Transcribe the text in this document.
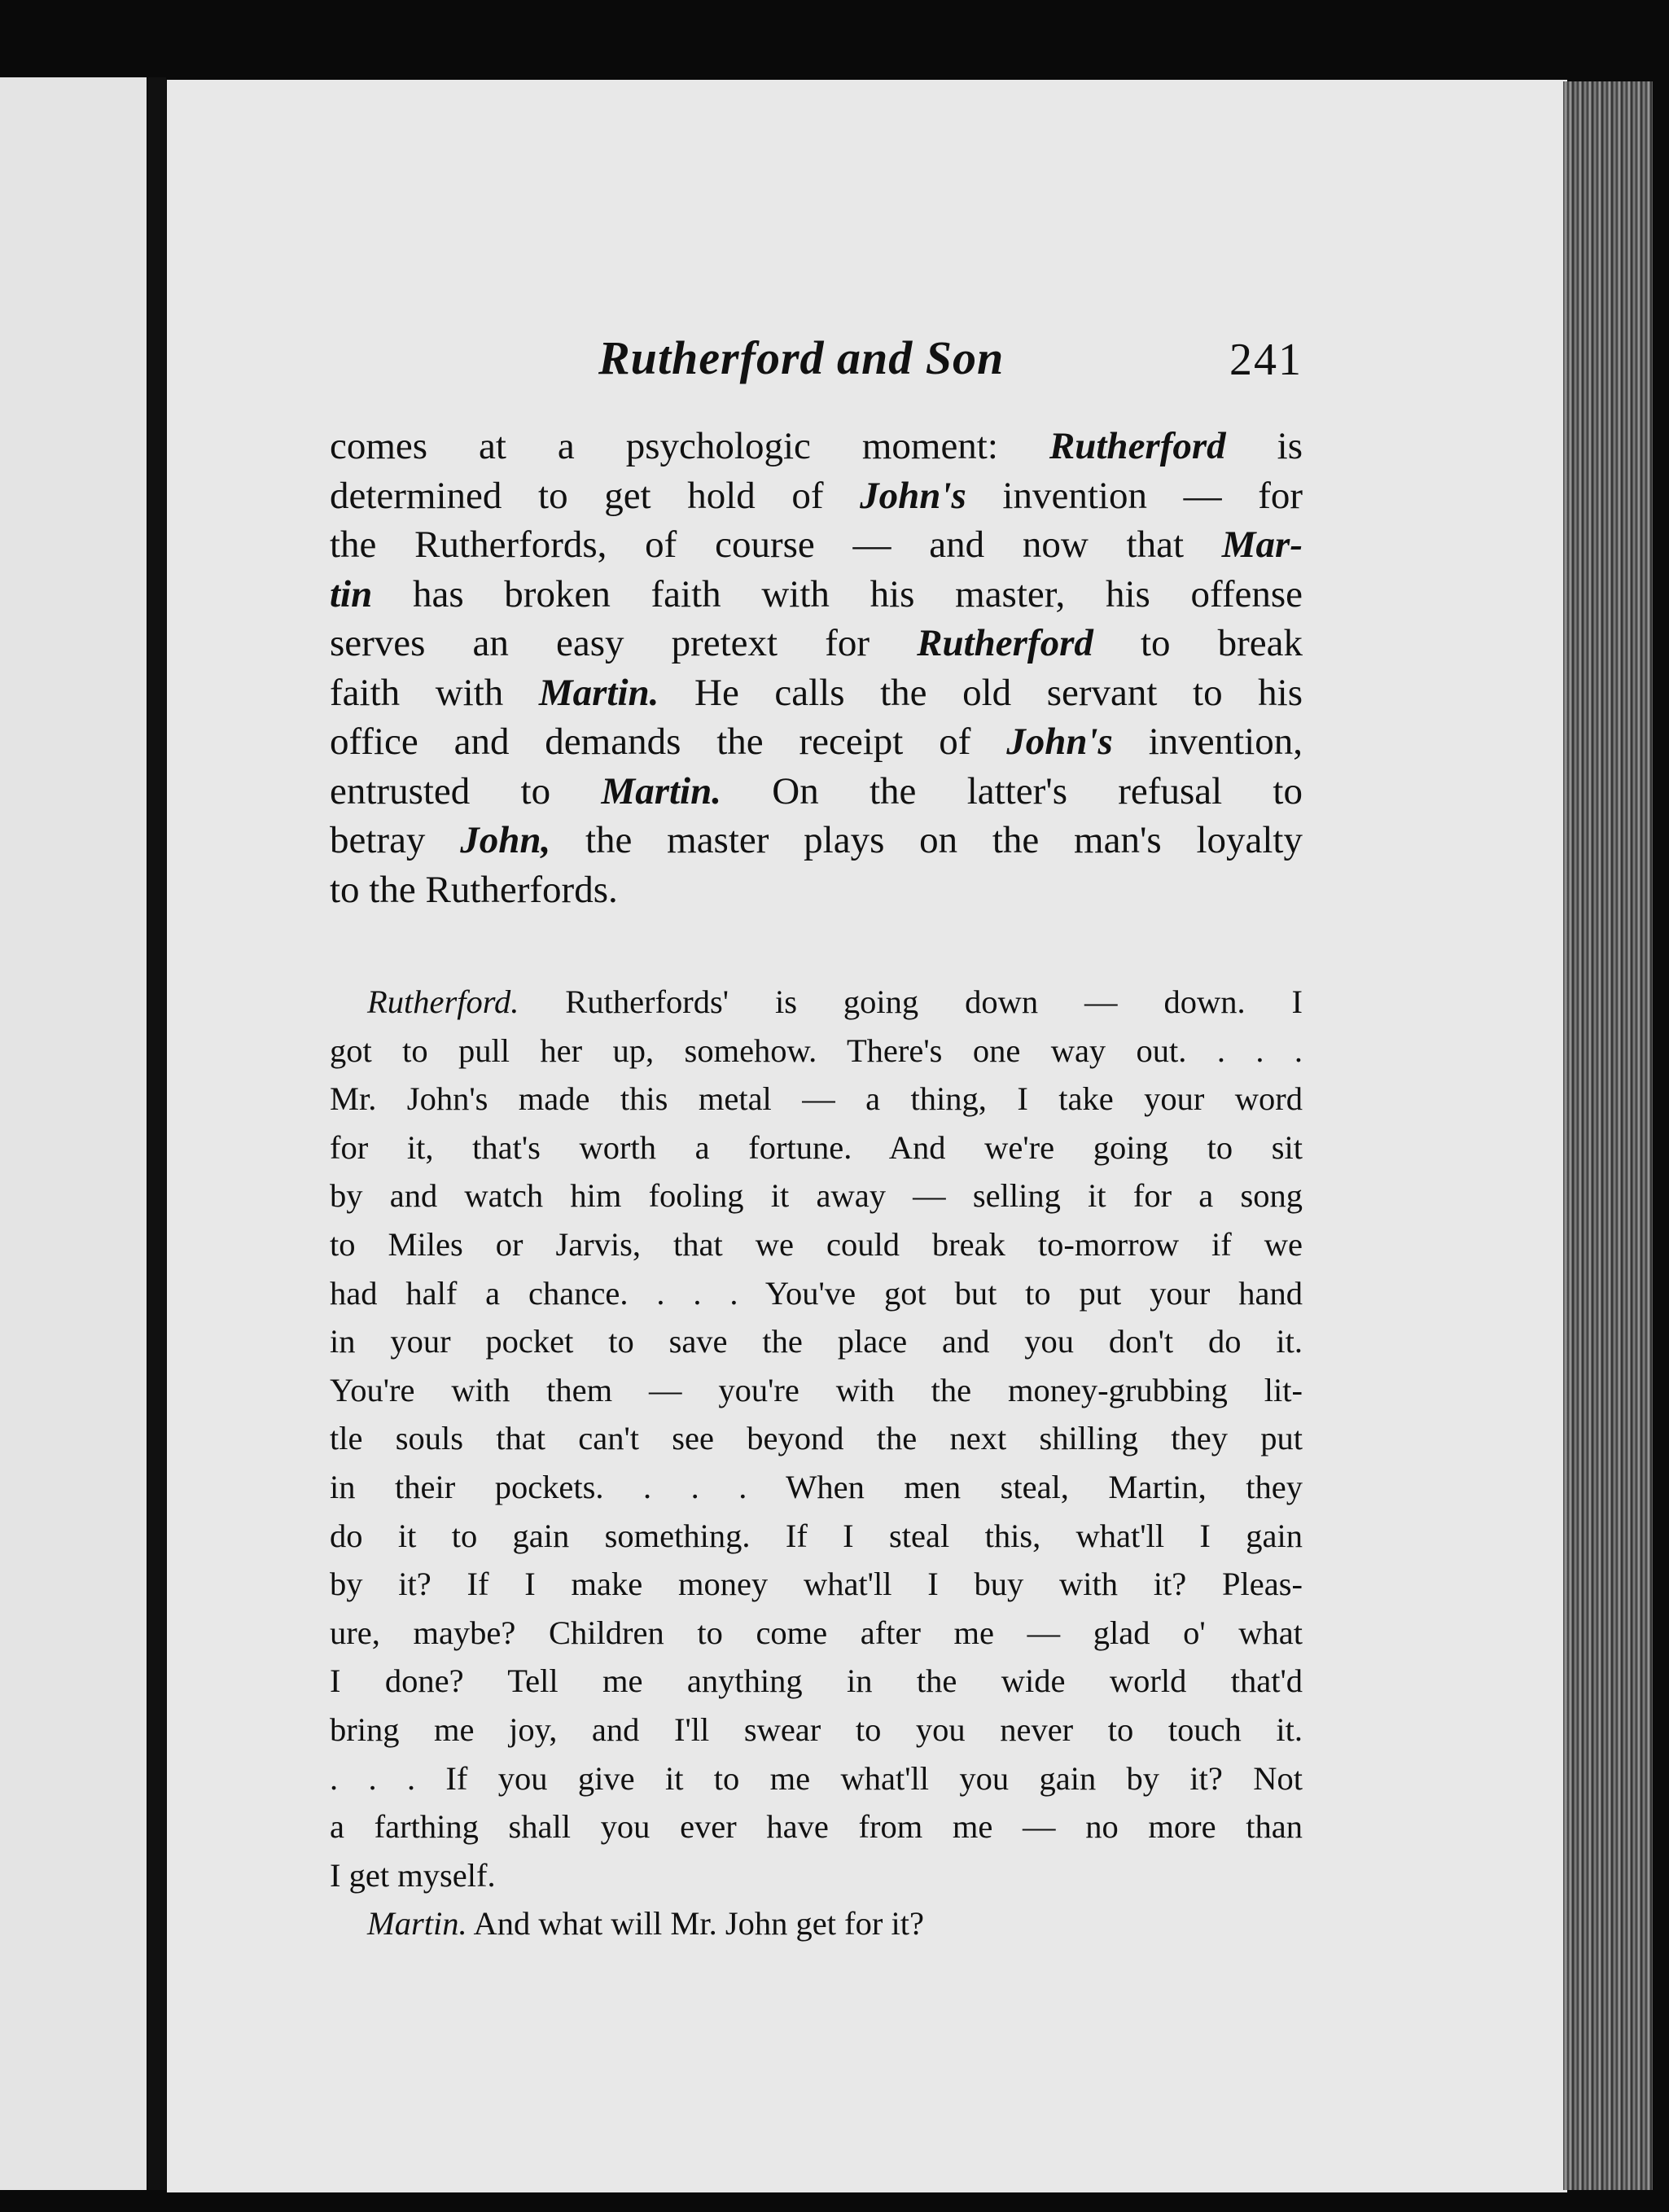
Rutherford and Son	241
comes at a psychologic moment: Rutherford is
determined to get hold of John's invention — for
the Rutherfords, of course — and now that Mar-
tin has broken faith with his master, his offense
serves an easy pretext for Rutherford to break
faith with Martin. He calls the old servant to his
office and demands the receipt of John's invention,
entrusted to Martin. On the latter's refusal to
betray John, the master plays on the man's loyalty
to the Rutherfords.
Rutherford. Rutherfords' is going down — down. I
got to pull her up, somehow. There's one way out. . . .
Mr. John's made this metal — a thing, I take your word
for it, that's worth a fortune. And we're going to sit
by and watch him fooling it away — selling it for a song
to Miles or Jarvis, that we could break to-morrow if we
had half a chance. . . . You've got but to put your hand
in your pocket to save the place and you don't do it.
You're with them — you're with the money-grubbing lit-
tle souls that can't see beyond the next shilling they put
in their pockets. . . . When men steal, Martin, they
do it to gain something. If I steal this, what'll I gain
by it? If I make money what'll I buy with it? Pleas-
ure, maybe? Children to come after me — glad o' what
I done? Tell me anything in the wide world that'd
bring me joy, and I'll swear to you never to touch it.
. . . If you give it to me what'll you gain by it? Not
a farthing shall you ever have from me — no more than
I get myself.
Martin. And what will Mr. John get for it?
